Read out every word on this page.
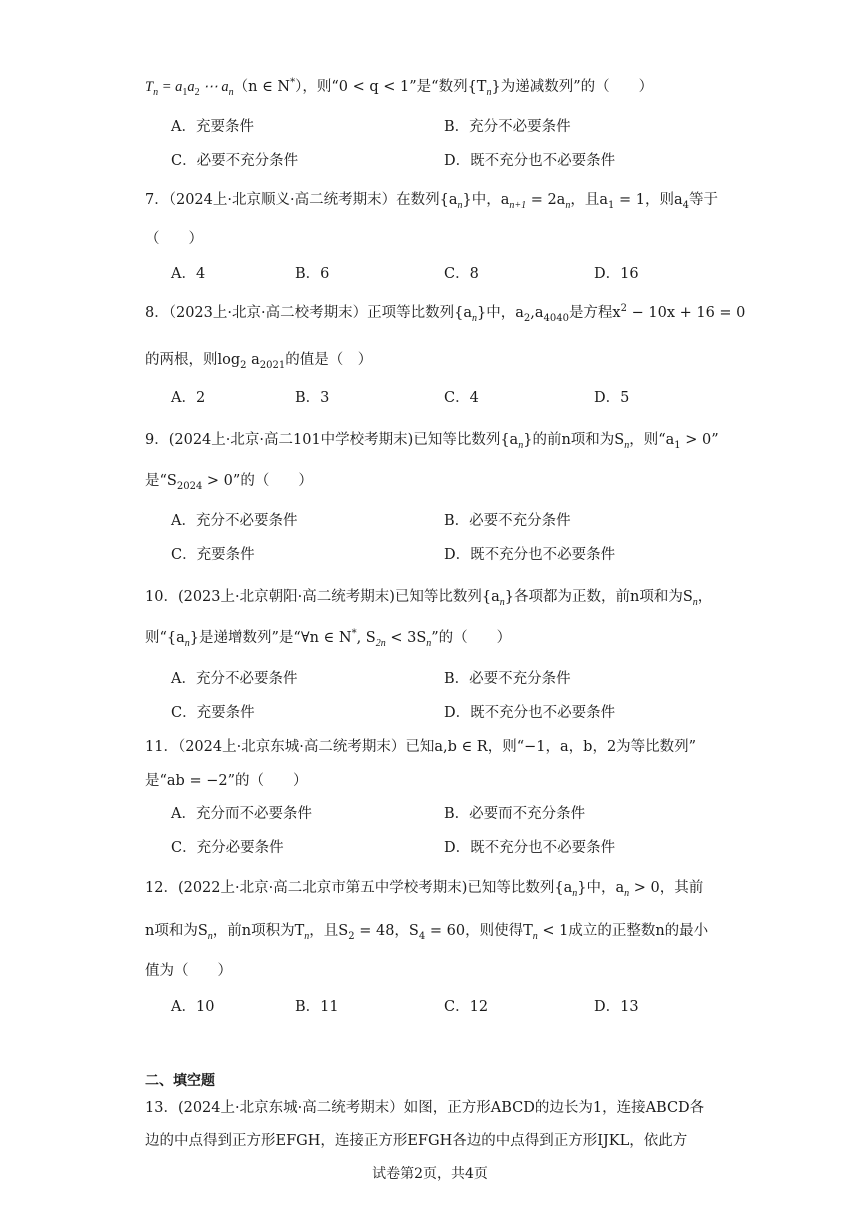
$T_n = a_1a_2$ ⋯ $a_n(n$ ∈ N*），则“0 < q < 1”是“数列$\{T_n\}$为递减数列”的（　　）
A．充要条件	B．充分不必要条件
C．必要不充分条件	D．既不充分也不必要条件
7．（2024上·北京顺义·高二统考期末）在数列$\{a_n\}$中，$a_{n+1} = 2a_n$，且$a_1 = 1$，则$a_4$等于
（　　）
A．4	B．6	C．8	D．16
8．（2023上·北京·高二校考期末）正项等比数列$\{a_n\}$中，$a_2,a_{4040}$是方程$x^2 - 10x + 16 = 0$
的两根，则$\log_2 a_{2021}$的值是（　）
A．2	B．3	C．4	D．5
9．(2024上·北京·高二101中学校考期末)已知等比数列$\{a_n\}$的前n项和为$S_n$，则“$a_1 > 0$”
是“$S_{2024} > 0$”的（　　）
A．充分不必要条件	B．必要不充分条件
C．充要条件	D．既不充分也不必要条件
10．(2023上·北京朝阳·高二统考期末)已知等比数列$\{a_n\}$各项都为正数，前n项和为$S_n$，
则“$\{a_n\}$是递增数列”是“∀n ∈ N*, $S_{2n} < 3S_n$”的（　　）
A．充分不必要条件	B．必要不充分条件
C．充要条件	D．既不充分也不必要条件
11．（2024上·北京东城·高二统考期末）已知a,b ∈ R，则“−1，a，b，2为等比数列”
是“ab = −2”的（　　）
A．充分而不必要条件	B．必要而不充分条件
C．充分必要条件	D．既不充分也不必要条件
12．(2022上·北京·高二北京市第五中学校考期末)已知等比数列$\{a_n\}$中，$a_n > 0$，其前
n项和为$S_n$，前n项积为$T_n$，且$S_2 = 48$，$S_4 = 60$，则使得$T_n < 1$成立的正整数n的最小
值为（　　）
A．10	B．11	C．12	D．13
二、填空题
13．(2024上·北京东城·高二统考期末）如图，正方形ABCD的边长为1，连接ABCD各
边的中点得到正方形EFGH，连接正方形EFGH各边的中点得到正方形IJKL，依此方
试卷第2页，共4页
